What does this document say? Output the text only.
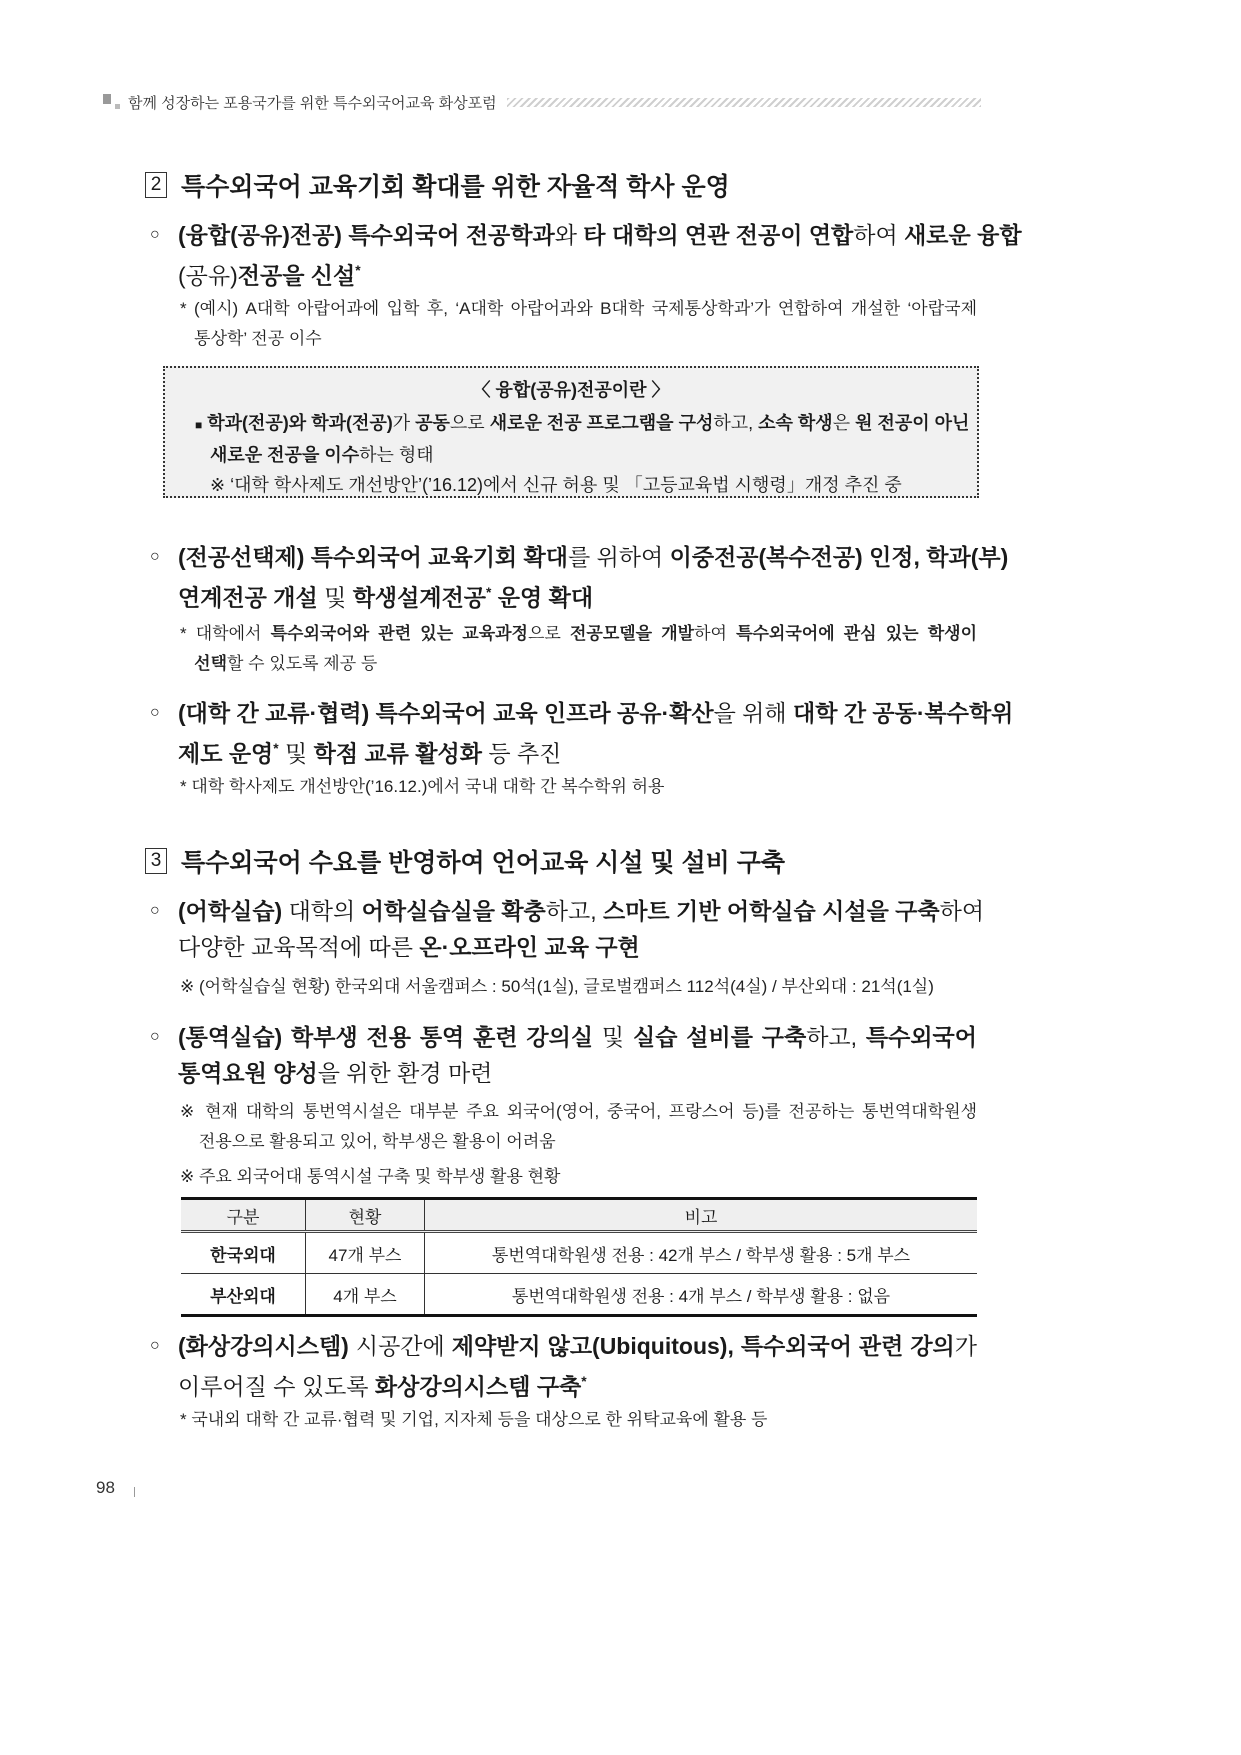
함께 성장하는 포용국가를 위한 특수외국어교육 화상포럼
2 특수외국어 교육기회 확대를 위한 자율적 학사 운영
○ (융합(공유)전공) 특수외국어 전공학과와 타 대학의 연관 전공이 연합하여 새로운 융합
(공유)전공을 신설*
* (예시) A대학 아랍어과에 입학 후, ‘A대학 아랍어과와 B대학 국제통상학과’가 연합하여 개설한 ‘아랍국제
통상학’ 전공 이수
〈 융합(공유)전공이란 〉
■ 학과(전공)와 학과(전공)가 공동으로 새로운 전공 프로그램을 구성하고, 소속 학생은 원 전공이 아닌
새로운 전공을 이수하는 형태
※ ‘대학 학사제도 개선방안’(’16.12)에서 신규 허용 및 「고등교육법 시행령」개정 추진 중
○ (전공선택제) 특수외국어 교육기회 확대를 위하여 이중전공(복수전공) 인정, 학과(부)
연계전공 개설 및 학생설계전공* 운영 확대
* 대학에서 특수외국어와 관련 있는 교육과정으로 전공모델을 개발하여 특수외국어에 관심 있는 학생이
선택할 수 있도록 제공 등
○ (대학 간 교류·협력) 특수외국어 교육 인프라 공유·확산을 위해 대학 간 공동·복수학위
제도 운영* 및 학점 교류 활성화 등 추진
* 대학 학사제도 개선방안(’16.12.)에서 국내 대학 간 복수학위 허용
3 특수외국어 수요를 반영하여 언어교육 시설 및 설비 구축
○ (어학실습) 대학의 어학실습실을 확충하고, 스마트 기반 어학실습 시설을 구축하여
다양한 교육목적에 따른 온·오프라인 교육 구현
※ (어학실습실 현황) 한국외대 서울캠퍼스 : 50석(1실), 글로벌캠퍼스 112석(4실) / 부산외대 : 21석(1실)
○ (통역실습) 학부생 전용 통역 훈련 강의실 및 실습 설비를 구축하고, 특수외국어
통역요원 양성을 위한 환경 마련
※ 현재 대학의 통번역시설은 대부분 주요 외국어(영어, 중국어, 프랑스어 등)를 전공하는 통번역대학원생
전용으로 활용되고 있어, 학부생은 활용이 어려움
※ 주요 외국어대 통역시설 구축 및 학부생 활용 현황
구분	현황	비고
한국외대	47개 부스	통번역대학원생 전용 : 42개 부스 / 학부생 활용 : 5개 부스
부산외대	4개 부스	통번역대학원생 전용 : 4개 부스 / 학부생 활용 : 없음
○ (화상강의시스템) 시공간에 제약받지 않고(Ubiquitous), 특수외국어 관련 강의가
이루어질 수 있도록 화상강의시스템 구축*
* 국내외 대학 간 교류·협력 및 기업, 지자체 등을 대상으로 한 위탁교육에 활용 등
98
